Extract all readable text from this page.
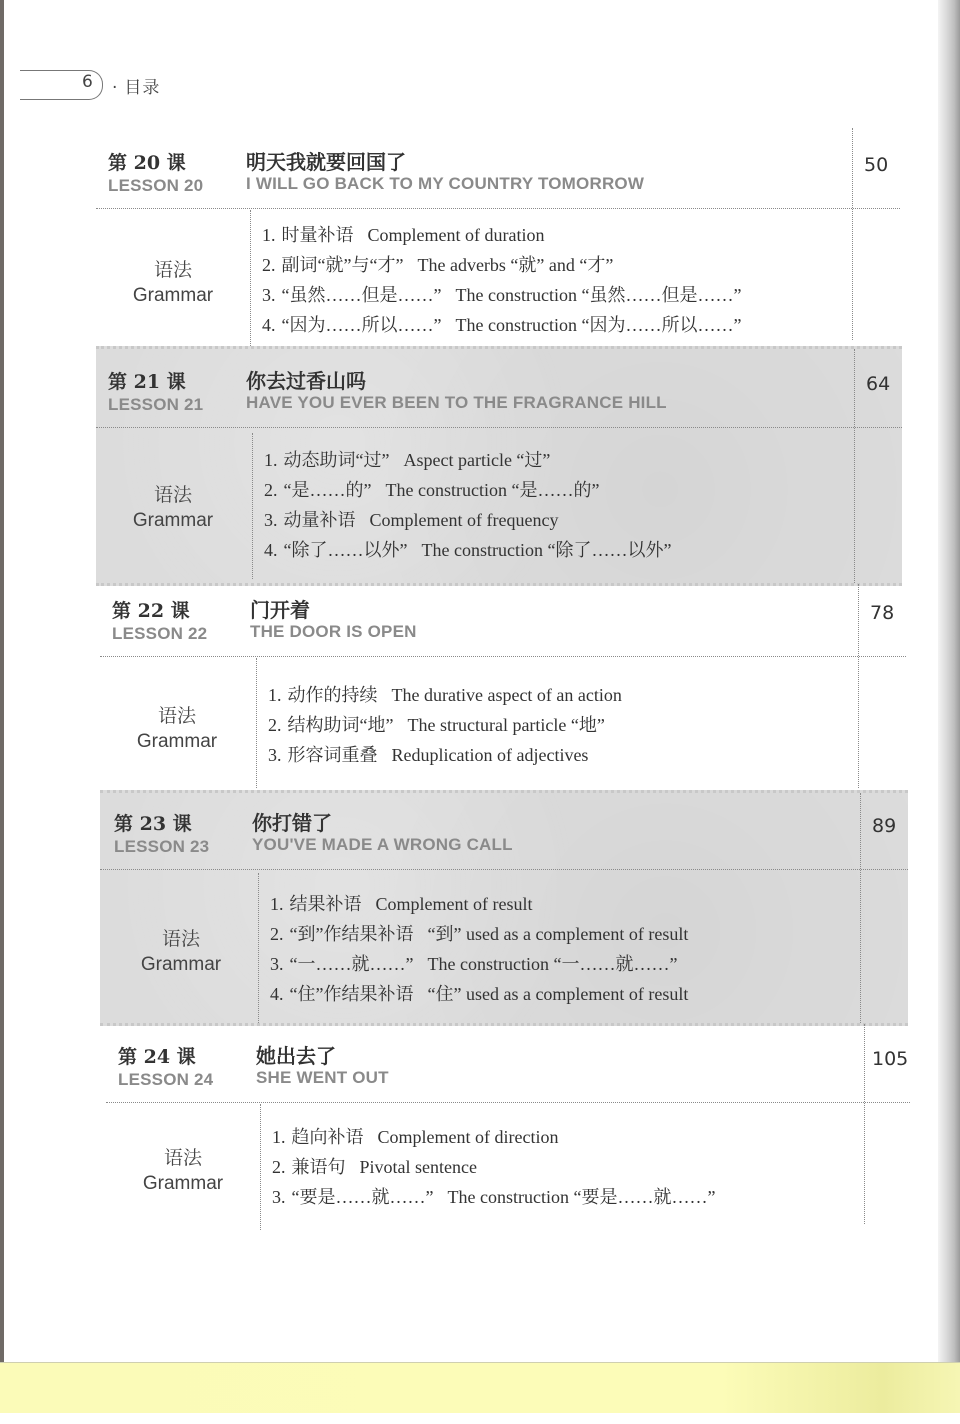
6 · 目录
第 20 课
LESSON 20
明天我就要回国了
I WILL GO BACK TO MY COUNTRY TOMORROW
50
语法
Grammar
1. 时量补语 Complement of duration
2. 副词“就”与“才” The adverbs “就” and “才”
3. “虽然……但是……” The construction “虽然……但是……”
4. “因为……所以……” The construction “因为……所以……”
第 21 课
LESSON 21
你去过香山吗
HAVE YOU EVER BEEN TO THE FRAGRANCE HILL
64
语法
Grammar
1. 动态助词“过” Aspect particle “过”
2. “是……的” The construction “是……的”
3. 动量补语 Complement of frequency
4. “除了……以外” The construction “除了……以外”
第 22 课
LESSON 22
门开着
THE DOOR IS OPEN
78
语法
Grammar
1. 动作的持续 The durative aspect of an action
2. 结构助词“地” The structural particle “地”
3. 形容词重叠 Reduplication of adjectives
第 23 课
LESSON 23
你打错了
YOU'VE MADE A WRONG CALL
89
语法
Grammar
1. 结果补语 Complement of result
2. “到”作结果补语 “到” used as a complement of result
3. “一……就……” The construction “一……就……”
4. “住”作结果补语 “住” used as a complement of result
第 24 课
LESSON 24
她出去了
SHE WENT OUT
105
语法
Grammar
1. 趋向补语 Complement of direction
2. 兼语句 Pivotal sentence
3. “要是……就……” The construction “要是……就……”
